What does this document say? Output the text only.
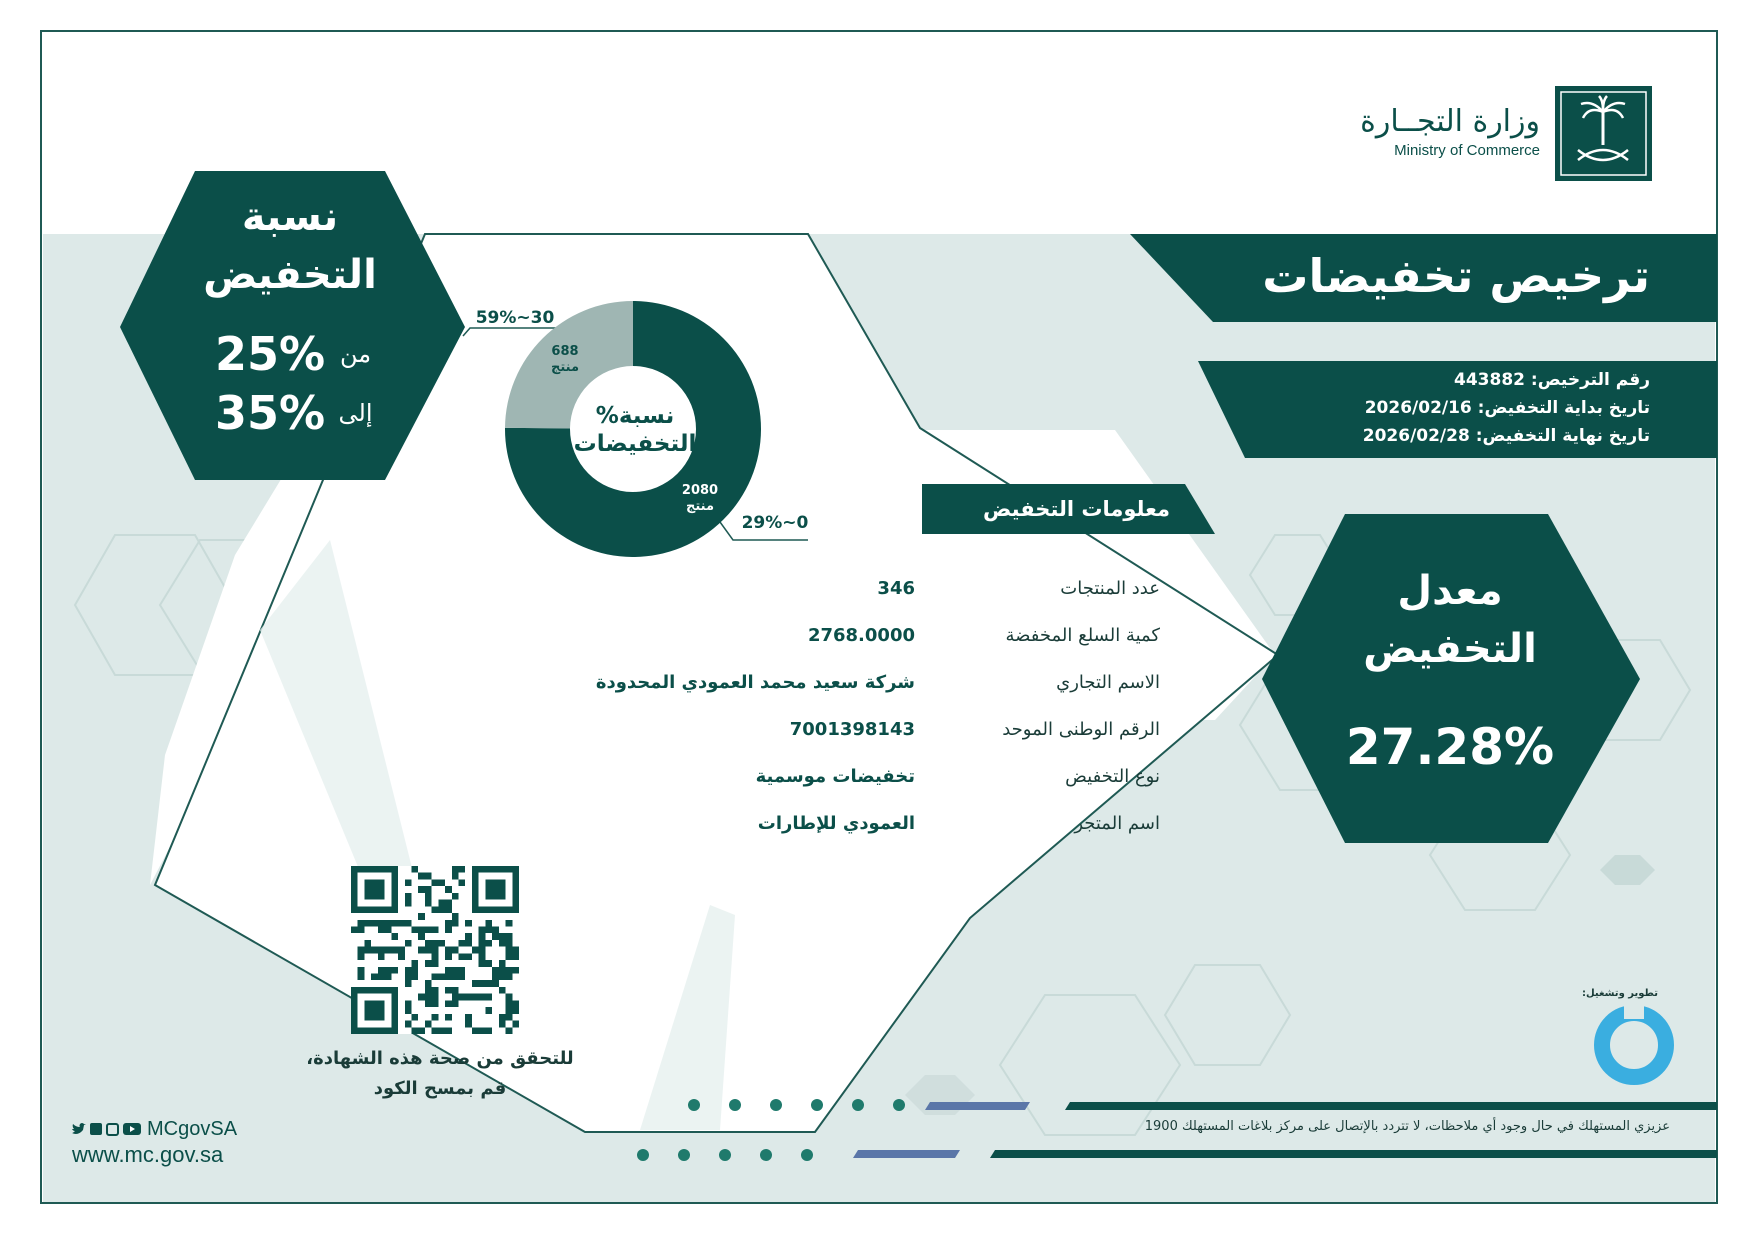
وزارة التجــارة
Ministry of Commerce
ترخيص تخفيضات
رقم الترخيص: 443882
تاريخ بداية التخفيض: 2026/02/16
تاريخ نهاية التخفيض: 2026/02/28
نسبة
التخفيض
25% من
35% إلى
معدل
التخفيض
27.28%
نسبة% التخفيضات
30~59%
0~29%
688 منتج
2080 منتج	معلومات التخفيض
عدد المنتجات
346
كمية السلع المخفضة
2768.0000
الاسم التجاري
شركة سعيد محمد العمودي المحدودة
الرقم الوطنى الموحد
7001398143
نوع التخفيض
تخفيضات موسمية
اسم المتجر
العمودي للإطارات
للتحقق من صحة هذه الشهادة،
قم بمسح الكود
MCgovSA
www.mc.gov.sa
عزيزي المستهلك في حال وجود أي ملاحظات، لا تتردد بالإتصال على مركز بلاغات المستهلك 1900
تطوير وتشغيل:
